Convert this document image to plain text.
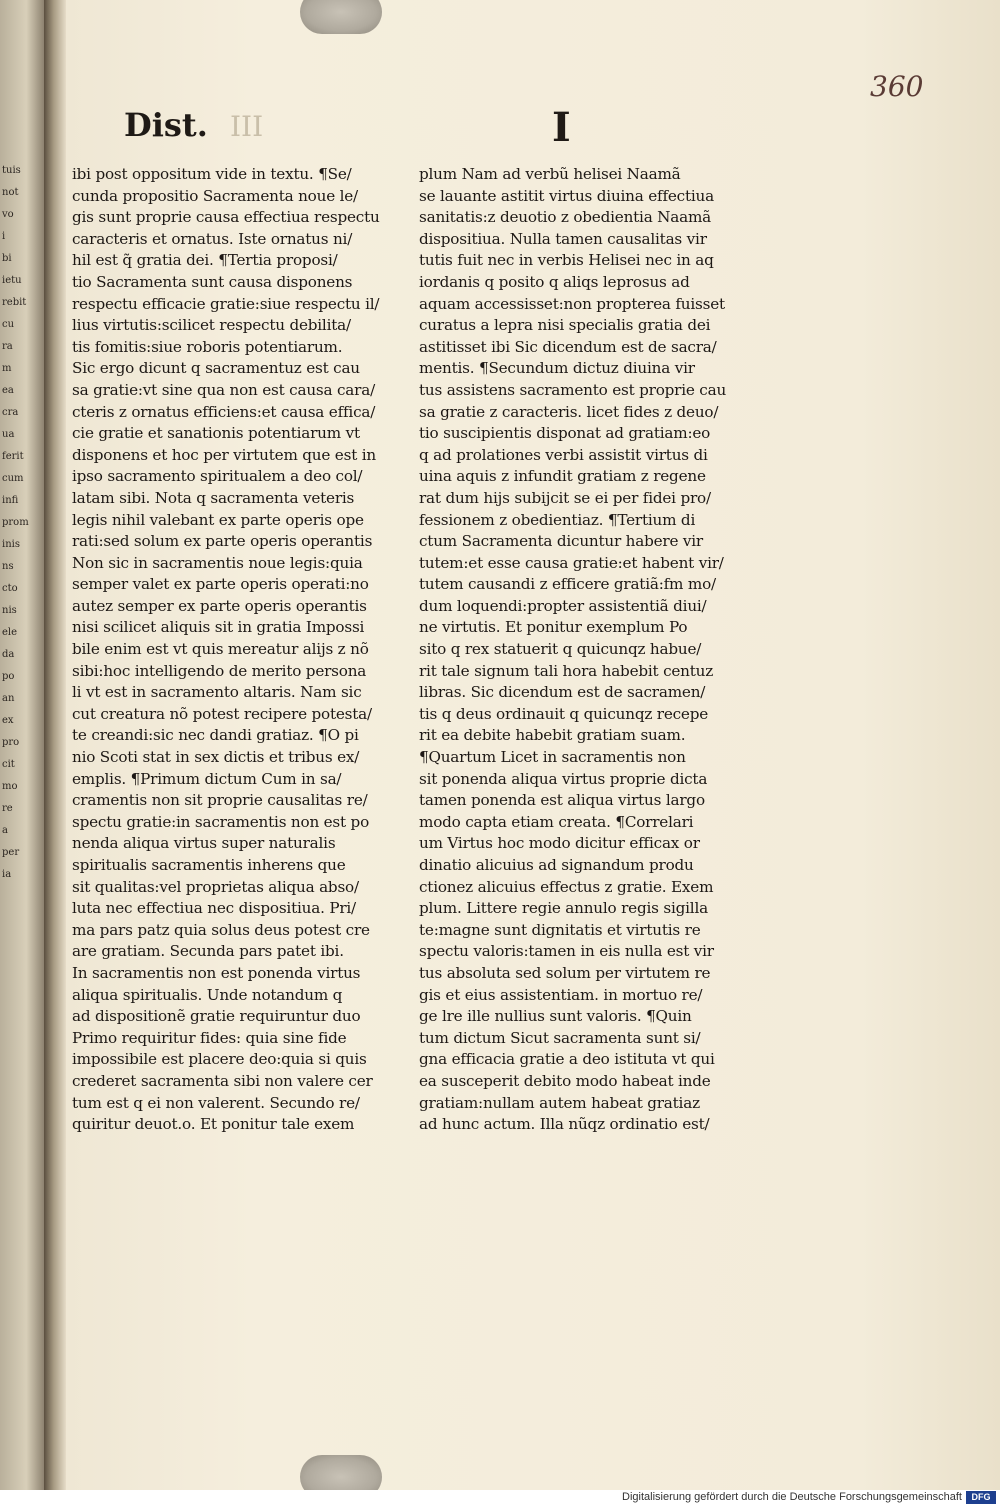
tuis
not
vo
i
bi
ietu
rebit
cu
ra
m
ea
cra
ua
ferit
cum
infi
prom
inis
ns
cto
nis
ele
da
po
an
ex
pro
cit
mo
re
a
per
ia
360
Dist. III	I
ibi post oppositum vide in textu. ¶Se/
cunda propositio Sacramenta noue le/
gis sunt proprie causa effectiua respectu
caracteris et ornatus. Iste ornatus ni/
hil est q̃ gratia dei. ¶Tertia proposi/
tio Sacramenta sunt causa disponens
respectu efficacie gratie:siue respectu il/
lius virtutis:scilicet respectu debilita/
tis fomitis:siue roboris potentiarum.
Sic ergo dicunt q sacramentuz est cau
sa gratie:vt sine qua non est causa cara/
cteris z ornatus efficiens:et causa effica/
cie gratie et sanationis potentiarum vt
disponens et hoc per virtutem que est in
ipso sacramento spiritualem a deo col/
latam sibi. Nota q sacramenta veteris
legis nihil valebant ex parte operis ope
rati:sed solum ex parte operis operantis
Non sic in sacramentis noue legis:quia
semper valet ex parte operis operati:no
autez semper ex parte operis operantis
nisi scilicet aliquis sit in gratia Impossi
bile enim est vt quis mereatur alijs z nõ
sibi:hoc intelligendo de merito persona
li vt est in sacramento altaris. Nam sic
cut creatura nõ potest recipere potesta/
te creandi:sic nec dandi gratiaz. ¶O pi
nio Scoti stat in sex dictis et tribus ex/
emplis. ¶Primum dictum Cum in sa/
cramentis non sit proprie causalitas re/
spectu gratie:in sacramentis non est po
nenda aliqua virtus super naturalis
spiritualis sacramentis inherens que
sit qualitas:vel proprietas aliqua abso/
luta nec effectiua nec dispositiua. Pri/
ma pars patz quia solus deus potest cre
are gratiam. Secunda pars patet ibi.
In sacramentis non est ponenda virtus
aliqua spiritualis. Unde notandum q
ad dispositionẽ gratie requiruntur duo
Primo requiritur fides: quia sine fide
impossibile est placere deo:quia si quis
crederet sacramenta sibi non valere cer
tum est q ei non valerent. Secundo re/
quiritur deuot.o. Et ponitur tale exem
plum Nam ad verbũ helisei Naamã
se lauante astitit virtus diuina effectiua
sanitatis:z deuotio z obedientia Naamã
dispositiua. Nulla tamen causalitas vir
tutis fuit nec in verbis Helisei nec in aq
iordanis q posito q aliqs leprosus ad
aquam accessisset:non propterea fuisset
curatus a lepra nisi specialis gratia dei
astitisset ibi Sic dicendum est de sacra/
mentis. ¶Secundum dictuz diuina vir
tus assistens sacramento est proprie cau
sa gratie z caracteris. licet fides z deuo/
tio suscipientis disponat ad gratiam:eo
q ad prolationes verbi assistit virtus di
uina aquis z infundit gratiam z regene
rat dum hijs subijcit se ei per fidei pro/
fessionem z obedientiaz. ¶Tertium di
ctum Sacramenta dicuntur habere vir
tutem:et esse causa gratie:et habent vir/
tutem causandi z efficere gratiã:fm mo/
dum loquendi:propter assistentiã diui/
ne virtutis. Et ponitur exemplum Po
sito q rex statuerit q quicunqz habue/
rit tale signum tali hora habebit centuz
libras. Sic dicendum est de sacramen/
tis q deus ordinauit q quicunqz recepe
rit ea debite habebit gratiam suam.
¶Quartum Licet in sacramentis non
sit ponenda aliqua virtus proprie dicta
tamen ponenda est aliqua virtus largo
modo capta etiam creata. ¶Correlari
um Virtus hoc modo dicitur efficax or
dinatio alicuius ad signandum produ
ctionez alicuius effectus z gratie. Exem
plum. Littere regie annulo regis sigilla
te:magne sunt dignitatis et virtutis re
spectu valoris:tamen in eis nulla est vir
tus absoluta sed solum per virtutem re
gis et eius assistentiam. in mortuo re/
ge lre ille nullius sunt valoris. ¶Quin
tum dictum Sicut sacramenta sunt si/
gna efficacia gratie a deo istituta vt qui
ea susceperit debito modo habeat inde
gratiam:nullam autem habeat gratiaz
ad hunc actum. Illa nũqz ordinatio est/
Digitalisierung gefördert durch die Deutsche Forschungsgemeinschaft	DFG
